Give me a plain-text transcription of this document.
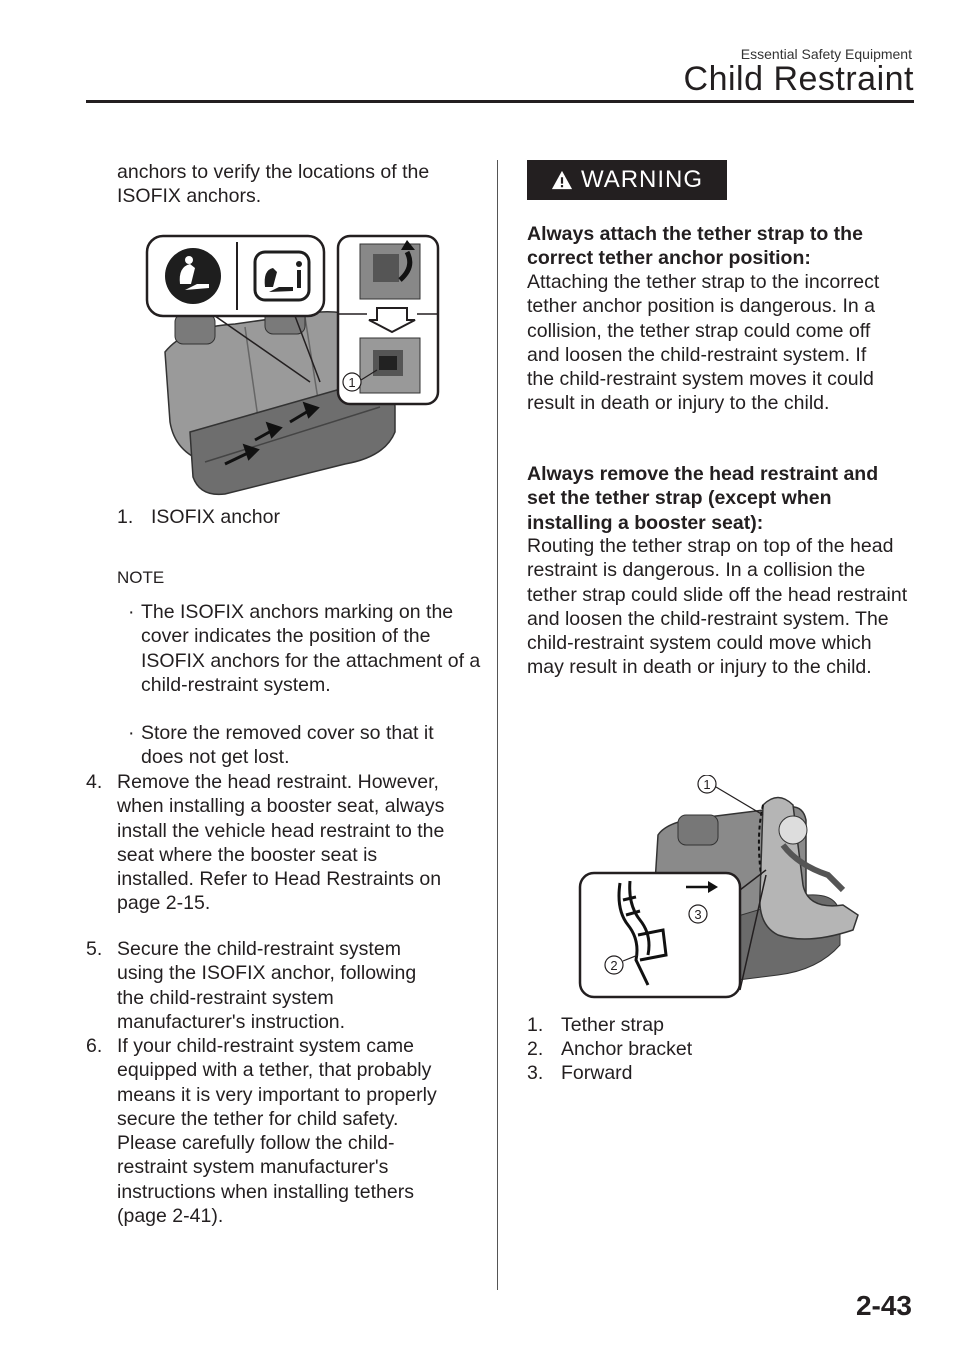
Essential Safety Equipment
Child Restraint
anchors to verify the locations of the ISOFIX anchors.
1
1. ISOFIX anchor
NOTE
· The ISOFIX anchors marking on the cover indicates the position of the ISOFIX anchors for the attachment of a child-restraint system.
· Store the removed cover so that it does not get lost.
4. Remove the head restraint. However, when installing a booster seat, always install the vehicle head restraint to the seat where the booster seat is installed. Refer to Head Restraints on page 2-15.
5. Secure the child-restraint system using the ISOFIX anchor, following the child-restraint system manufacturer's instruction.
6. If your child-restraint system came equipped with a tether, that probably means it is very important to properly secure the tether for child safety. Please carefully follow the child-restraint system manufacturer's instructions when installing tethers (page 2-41).
WARNING
Always attach the tether strap to the correct tether anchor position:
Attaching the tether strap to the incorrect tether anchor position is dangerous. In a collision, the tether strap could come off and loosen the child-restraint system. If the child-restraint system moves it could result in death or injury to the child.
Always remove the head restraint and set the tether strap (except when installing a booster seat):
Routing the tether strap on top of the head restraint is dangerous. In a collision the tether strap could slide off the head restraint and loosen the child-restraint system. The child-restraint system could move which may result in death or injury to the child.
1
3
2
1. Tether strap
2. Anchor bracket
3. Forward
2-43
